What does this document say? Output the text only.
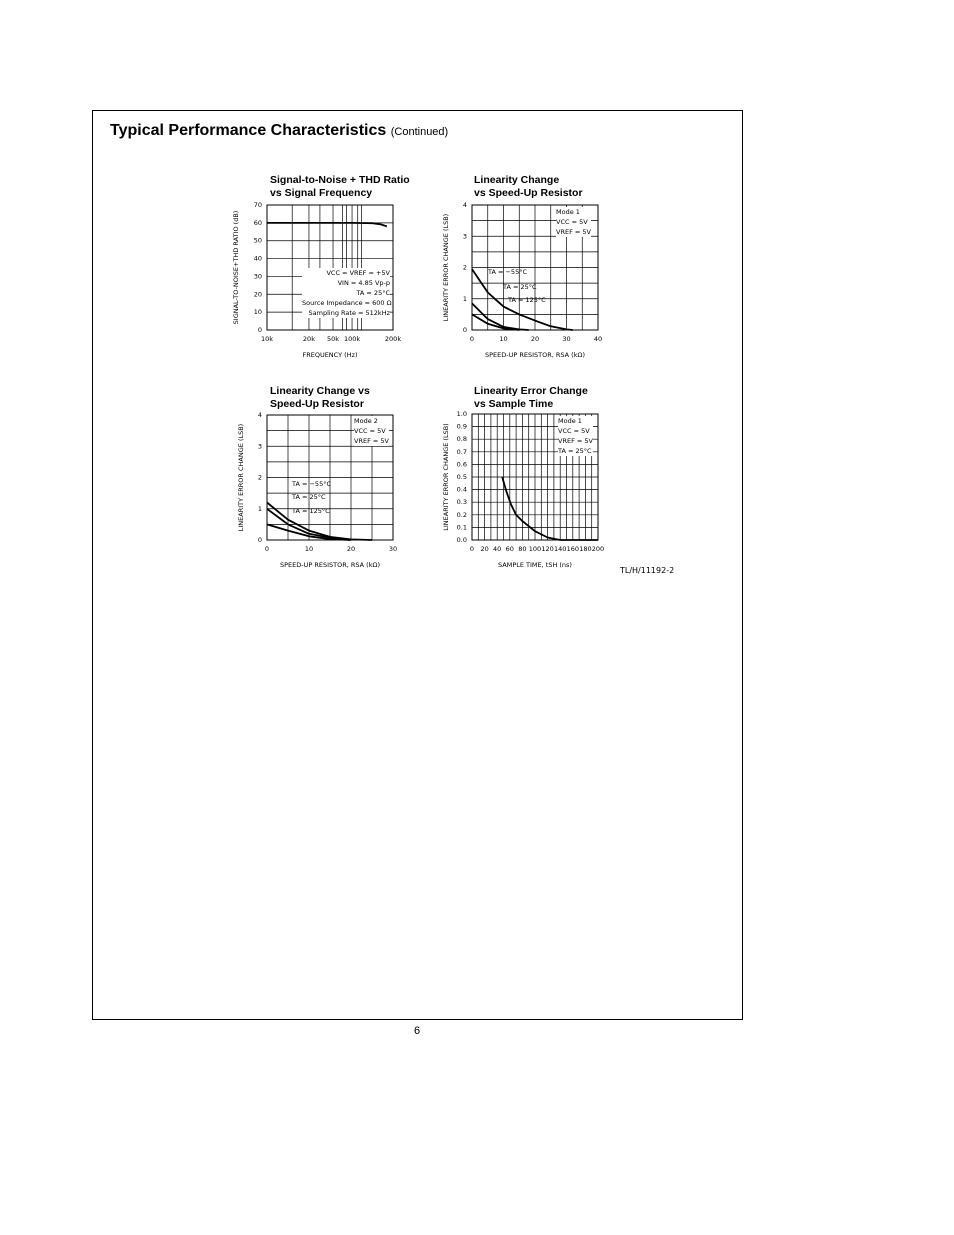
Typical Performance Characteristics (Continued)
Signal-to-Noise + THD Ratio
vs Signal Frequency
Linearity Change
vs Speed-Up Resistor
Linearity Change vs
Speed-Up Resistor
Linearity Error Change
vs Sample Time
0
10
20
30
40
50
60
70
10k	20k 50k 100k	200k
FREQUENCY (Hz)
SIGNAL-TO-NOISE+THD RATIO (dB)
0
1
2
3
4
0	10	20	30	40
SPEED-UP RESISTOR, RSA (kΩ)
LINEARITY ERROR CHANGE (LSB)
0
1
2
3
4
0	10	20	30
SPEED-UP RESISTOR, RSA (kΩ)
LINEARITY ERROR CHANGE (LSB)
0.0
0.1
0.2
0.3
0.4
0.5
0.6
0.7
0.8
0.9
1.0
0 20 40 60 80 100 120 140 160 180 200
SAMPLE TIME, tSH (ns)
LINEARITY ERROR CHANGE (LSB)
VCC = VREF = +5V
VIN = 4.85 Vp-p
TA = 25°C
Source Impedance = 600 Ω
Sampling Rate = 512kHz
Mode 1
VCC = 5V
VREF = 5V
TA = −55°C
TA = 25°C
TA = 125°C
Mode 2
VCC = 5V
VREF = 5V
TA = −55°C
TA = 25°C
TA = 125°C
Mode 1
VCC = 5V
VREF = 5V
TA = 25°C
TL/H/11192-2
6
